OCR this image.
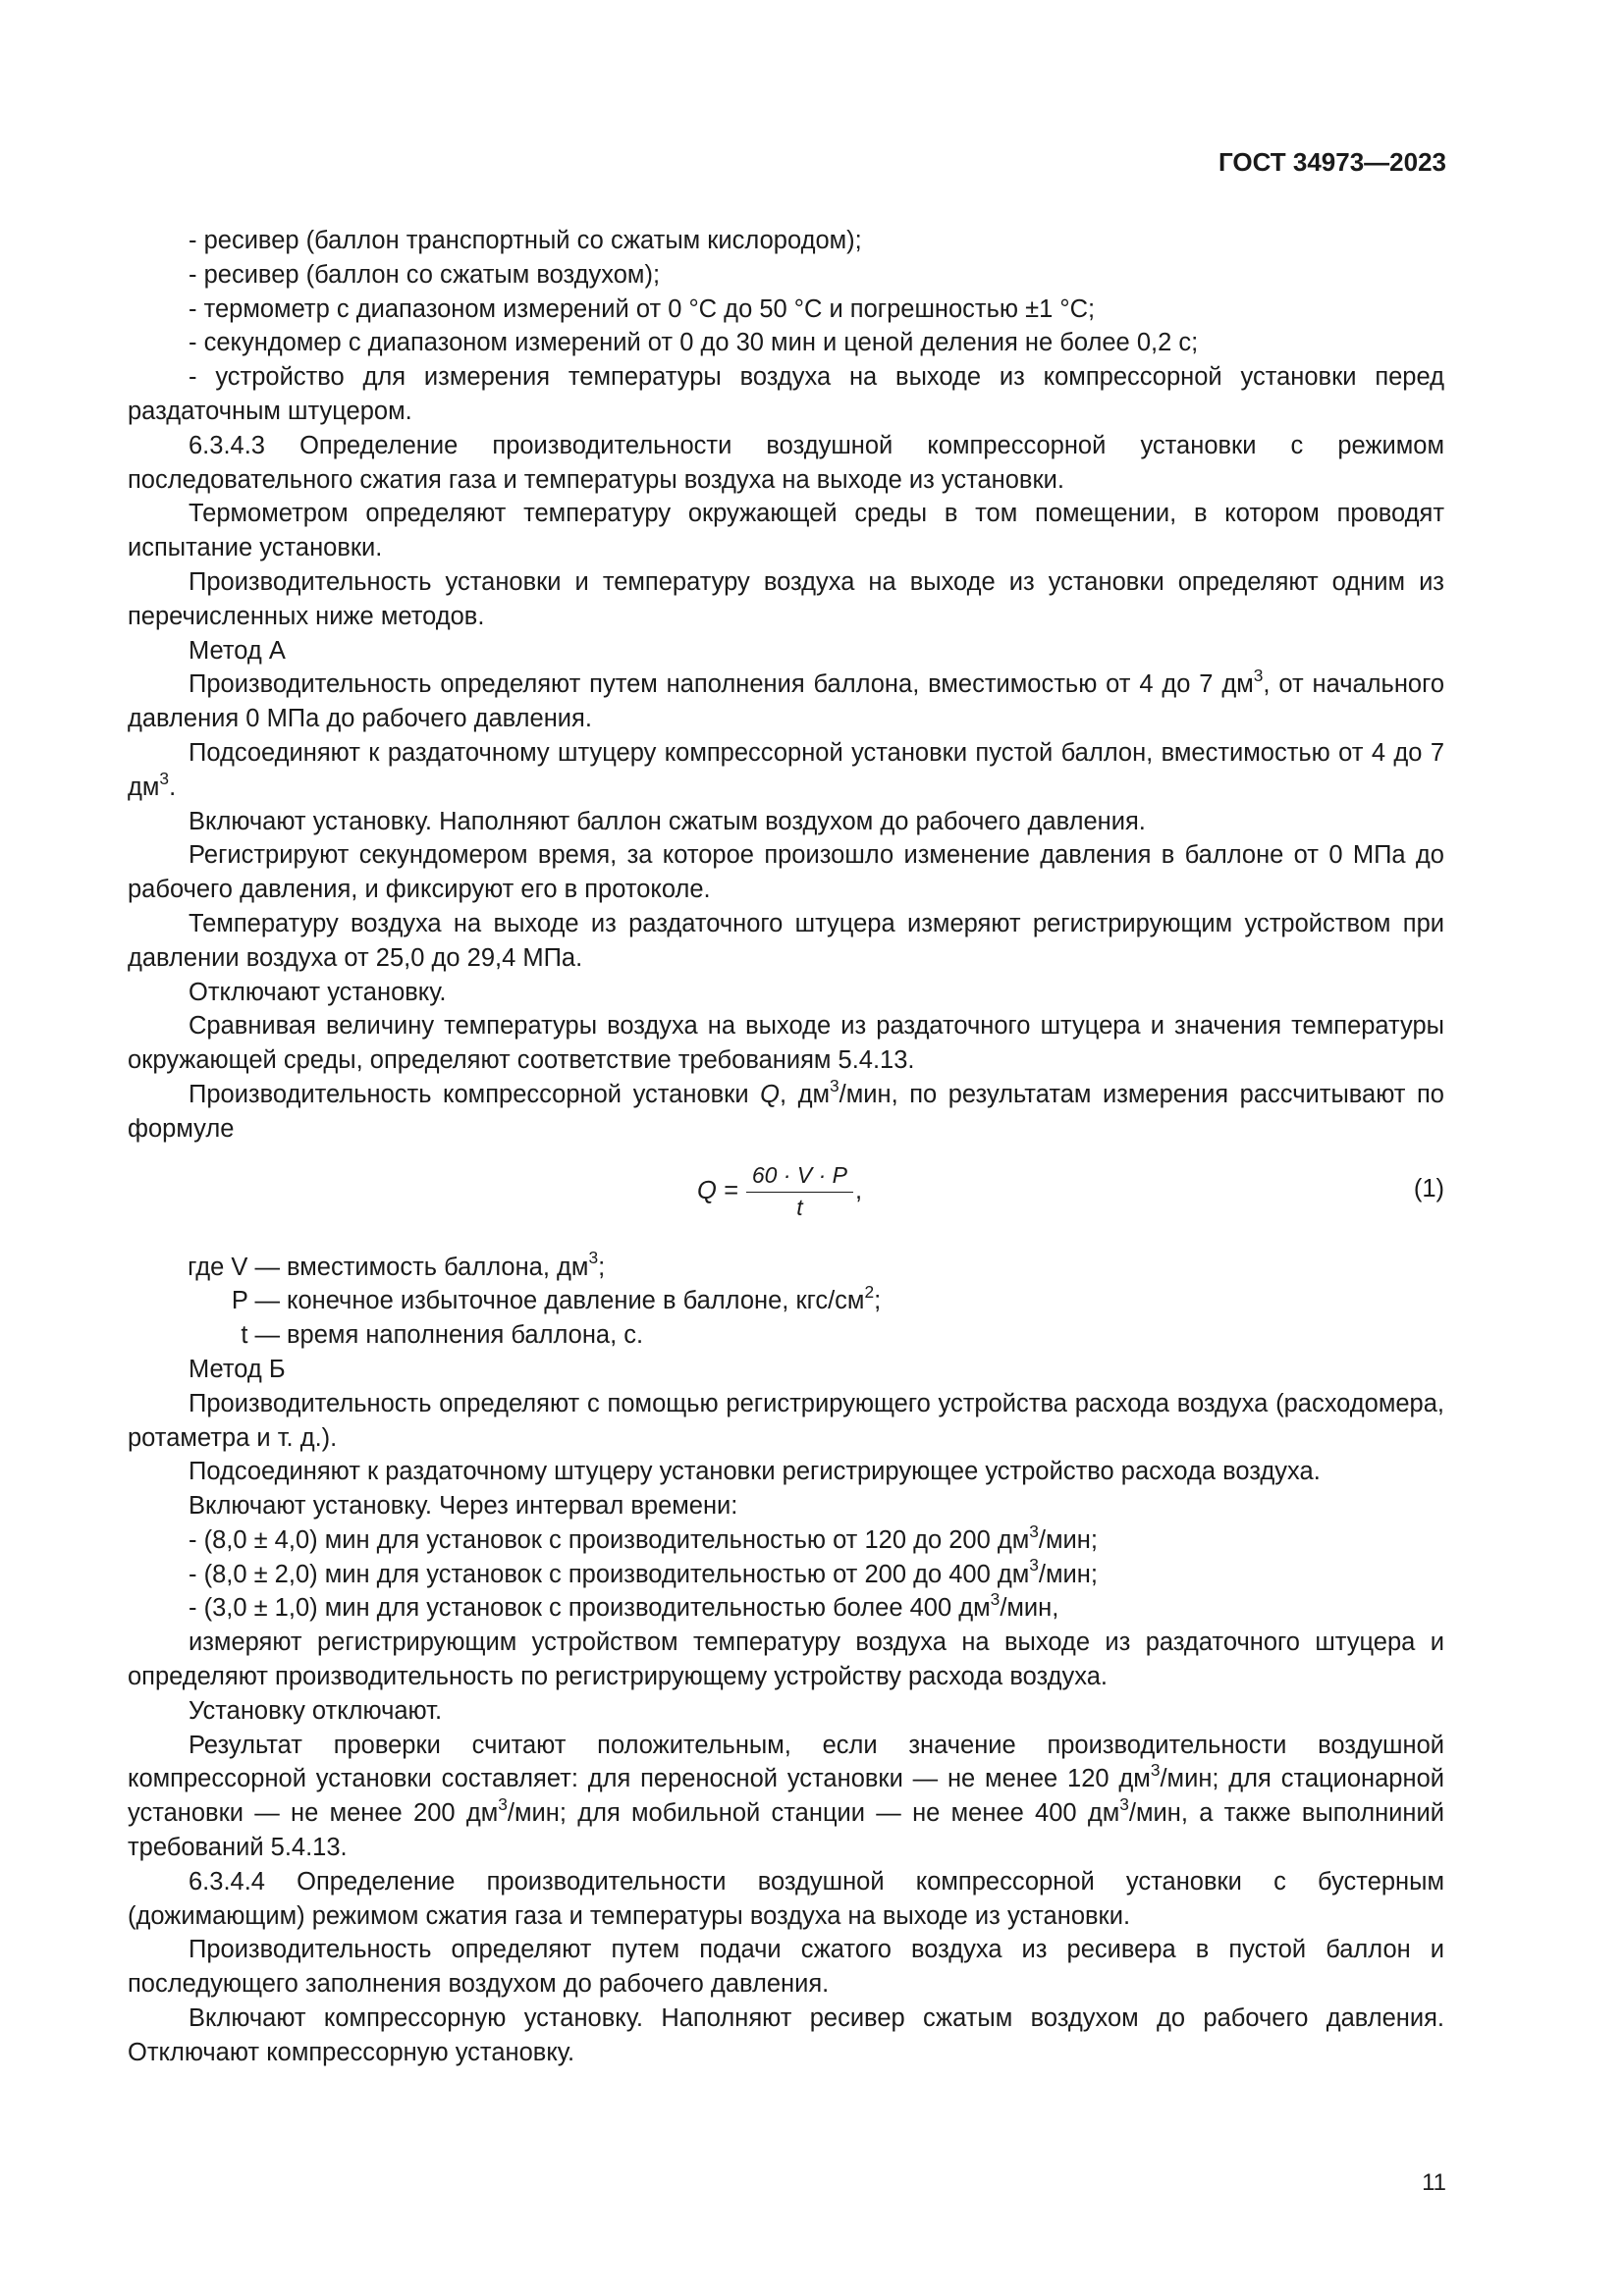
ГОСТ 34973—2023

- ресивер (баллон транспортный со сжатым кислородом);

- ресивер (баллон со сжатым воздухом);

- термометр с диапазоном измерений от 0 °С до 50 °С и погрешностью ±1 °С;

- секундомер с диапазоном измерений от 0 до 30 мин и ценой деления не более 0,2 с;

- устройство для измерения температуры воздуха на выходе из компрессорной установки перед раздаточным штуцером.

6.3.4.3 Определение производительности воздушной компрессорной установки с режимом последовательного сжатия газа и температуры воздуха на выходе из установки.

Термометром определяют температуру окружающей среды в том помещении, в котором проводят испытание установки.

Производительность установки и температуру воздуха на выходе из установки определяют одним из перечисленных ниже методов.

Метод А

Производительность определяют путем наполнения баллона, вместимостью от 4 до 7 $дм^3$, от начального давления 0 МПа до рабочего давления.

Подсоединяют к раздаточному штуцеру компрессорной установки пустой баллон, вместимостью от 4 до 7 $дм^3$.

Включают установку. Наполняют баллон сжатым воздухом до рабочего давления.

Регистрируют секундомером время, за которое произошло изменение давления в баллоне от 0 МПа до рабочего давления, и фиксируют его в протоколе.

Температуру воздуха на выходе из раздаточного штуцера измеряют регистрирующим устройством при давлении воздуха от 25,0 до 29,4 МПа.

Отключают установку.

Сравнивая величину температуры воздуха на выходе из раздаточного штуцера и значения температуры окружающей среды, определяют соответствие требованиям 5.4.13.

Производительность компрессорной установки Q, $дм^3$/мин, по результатам измерения рассчитывают по формуле

$Q = \frac{60 \cdot V \cdot P}{t}$ ,	(1)
где V — вместимость баллона, $дм^3$;
P — конечное избыточное давление в баллоне, кгс/$см^2$;
t — время наполнения баллона, с.

Метод Б

Производительность определяют с помощью регистрирующего устройства расхода воздуха (расходомера, ротаметра и т. д.).

Подсоединяют к раздаточному штуцеру установки регистрирующее устройство расхода воздуха.

Включают установку. Через интервал времени:

- (8,0 ± 4,0) мин для установок с производительностью от 120 до 200 $дм^3$/мин;

- (8,0 ± 2,0) мин для установок с производительностью от 200 до 400 $дм^3$/мин;

- (3,0 ± 1,0) мин для установок с производительностью более 400 $дм^3$/мин,

измеряют регистрирующим устройством температуру воздуха на выходе из раздаточного штуцера и определяют производительность по регистрирующему устройству расхода воздуха.

Установку отключают.

Результат проверки считают положительным, если значение производительности воздушной компрессорной установки составляет: для переносной установки — не менее 120 $дм^3$/мин; для стационарной установки — не менее 200 $дм^3$/мин; для мобильной станции — не менее 400 $дм^3$/мин, а также выполниний требований 5.4.13.

6.3.4.4 Определение производительности воздушной компрессорной установки с бустерным (дожимающим) режимом сжатия газа и температуры воздуха на выходе из установки.

Производительность определяют путем подачи сжатого воздуха из ресивера в пустой баллон и последующего заполнения воздухом до рабочего давления.

Включают компрессорную установку. Наполняют ресивер сжатым воздухом до рабочего давления. Отключают компрессорную установку.

11
